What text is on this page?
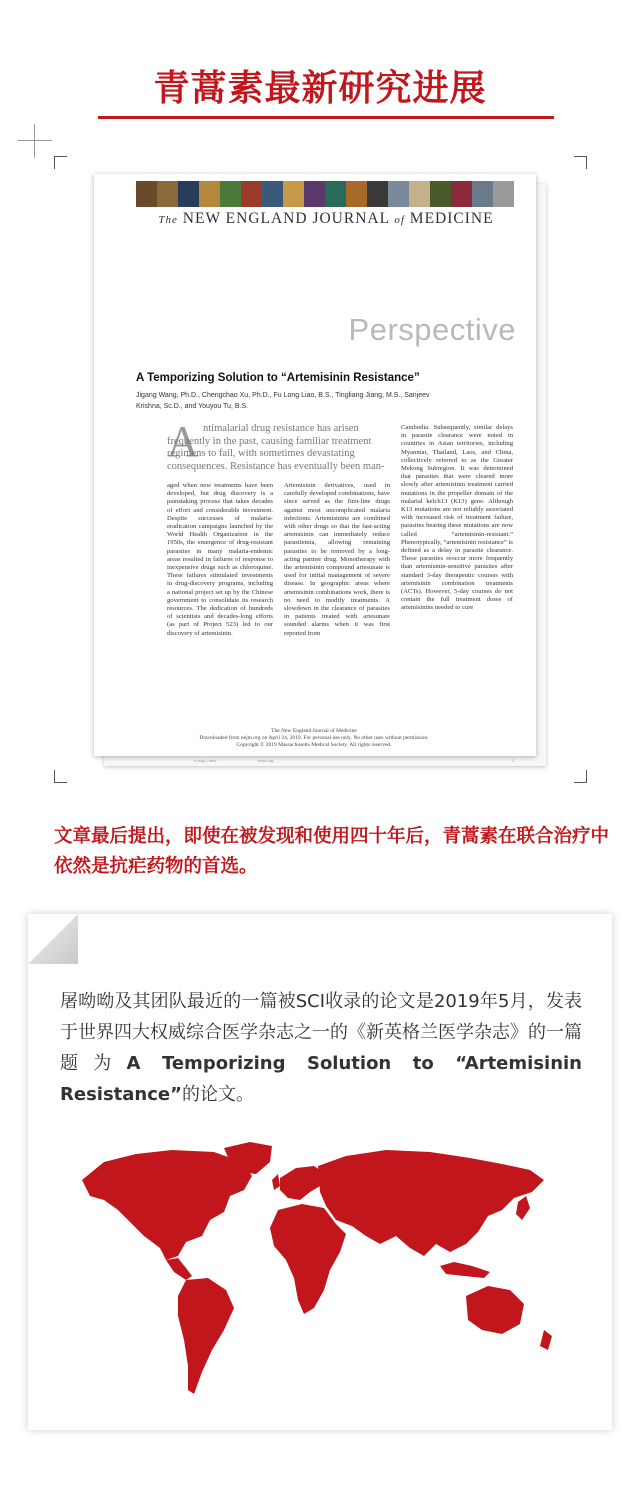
青蒿素最新研究进展
The NEW ENGLAND JOURNAL of MEDICINE
Perspective
A Temporizing Solution to “Artemisinin Resistance”
Jigang Wang, Ph.D., Chengchao Xu, Ph.D., Fu Long Liao, B.S., Tingliang Jiang, M.S., Sanjeev Krishna, Sc.D., and Youyou Tu, B.S.
A ntimalarial drug resistance has arisen frequently in the past, causing familiar treatment regimens to fail, with sometimes devastating consequences. Resistance has eventually been man-
aged when new treatments have been developed, but drug discovery is a painstaking process that takes decades of effort and considerable investment. Despite successes of malaria-eradication campaigns launched by the World Health Organization in the 1950s, the emergence of drug-resistant parasites in many malaria-endemic areas resulted in failures of response to inexpensive drugs such as chloroquine. These failures stimulated investments in drug-discovery programs, including a national project set up by the Chinese government to consolidate its research resources. The dedication of hundreds of scientists and decades-long efforts (as part of Project 523) led to our discovery of artemisinin.
Artemisinin derivatives, used in carefully developed combinations, have since served as the first-line drugs against most uncomplicated malaria infections. Artemisinins are combined with other drugs so that the fast-acting artemisinin can immediately reduce parasitemia, allowing remaining parasites to be removed by a long-acting partner drug. Monotherapy with the artemisinin compound artesunate is used for initial management of severe disease. In geographic areas where artemisinin combinations work, there is no need to modify treatments. A slowdown in the clearance of parasites in patients treated with artesunate sounded alarms when it was first reported from
Cambodia. Subsequently, similar delays in parasite clearance were noted in countries in Asian territories, including Myanmar, Thailand, Laos, and China, collectively referred to as the Greater Mekong Subregion. It was determined that parasites that were cleared more slowly after artemisinin treatment carried mutations in the propeller domain of the malarial kelch13 (K13) gene. Although K13 mutations are not reliably associated with increased risk of treatment failure, parasites bearing these mutations are now called “artemisinin-resistant.” Phenotypically, “artemisinin resistance” is defined as a delay in parasite clearance. These parasites reoccur more frequently than artemisinin-sensitive parasites after standard 3-day therapeutic courses with artemisinin combination treatments (ACTs). However, 5-day courses do not contain the full treatment doses of artemisinins needed to cure
The New England Journal of Medicine
Downloaded from nejm.org on April 24, 2019. For personal use only. No other uses without permission.
Copyright © 2019 Massachusetts Medical Society. All rights reserved.
n engl j med	nejm.org	1
文章最后提出，即使在被发现和使用四十年后，青蒿素在联合治疗中依然是抗疟药物的首选。
屠呦呦及其团队最近的一篇被SCI收录的论文是2019年5月，发表于世界四大权威综合医学杂志之一的《新英格兰医学杂志》的一篇题为A Temporizing Solution to “Artemisinin Resistance”的论文。
